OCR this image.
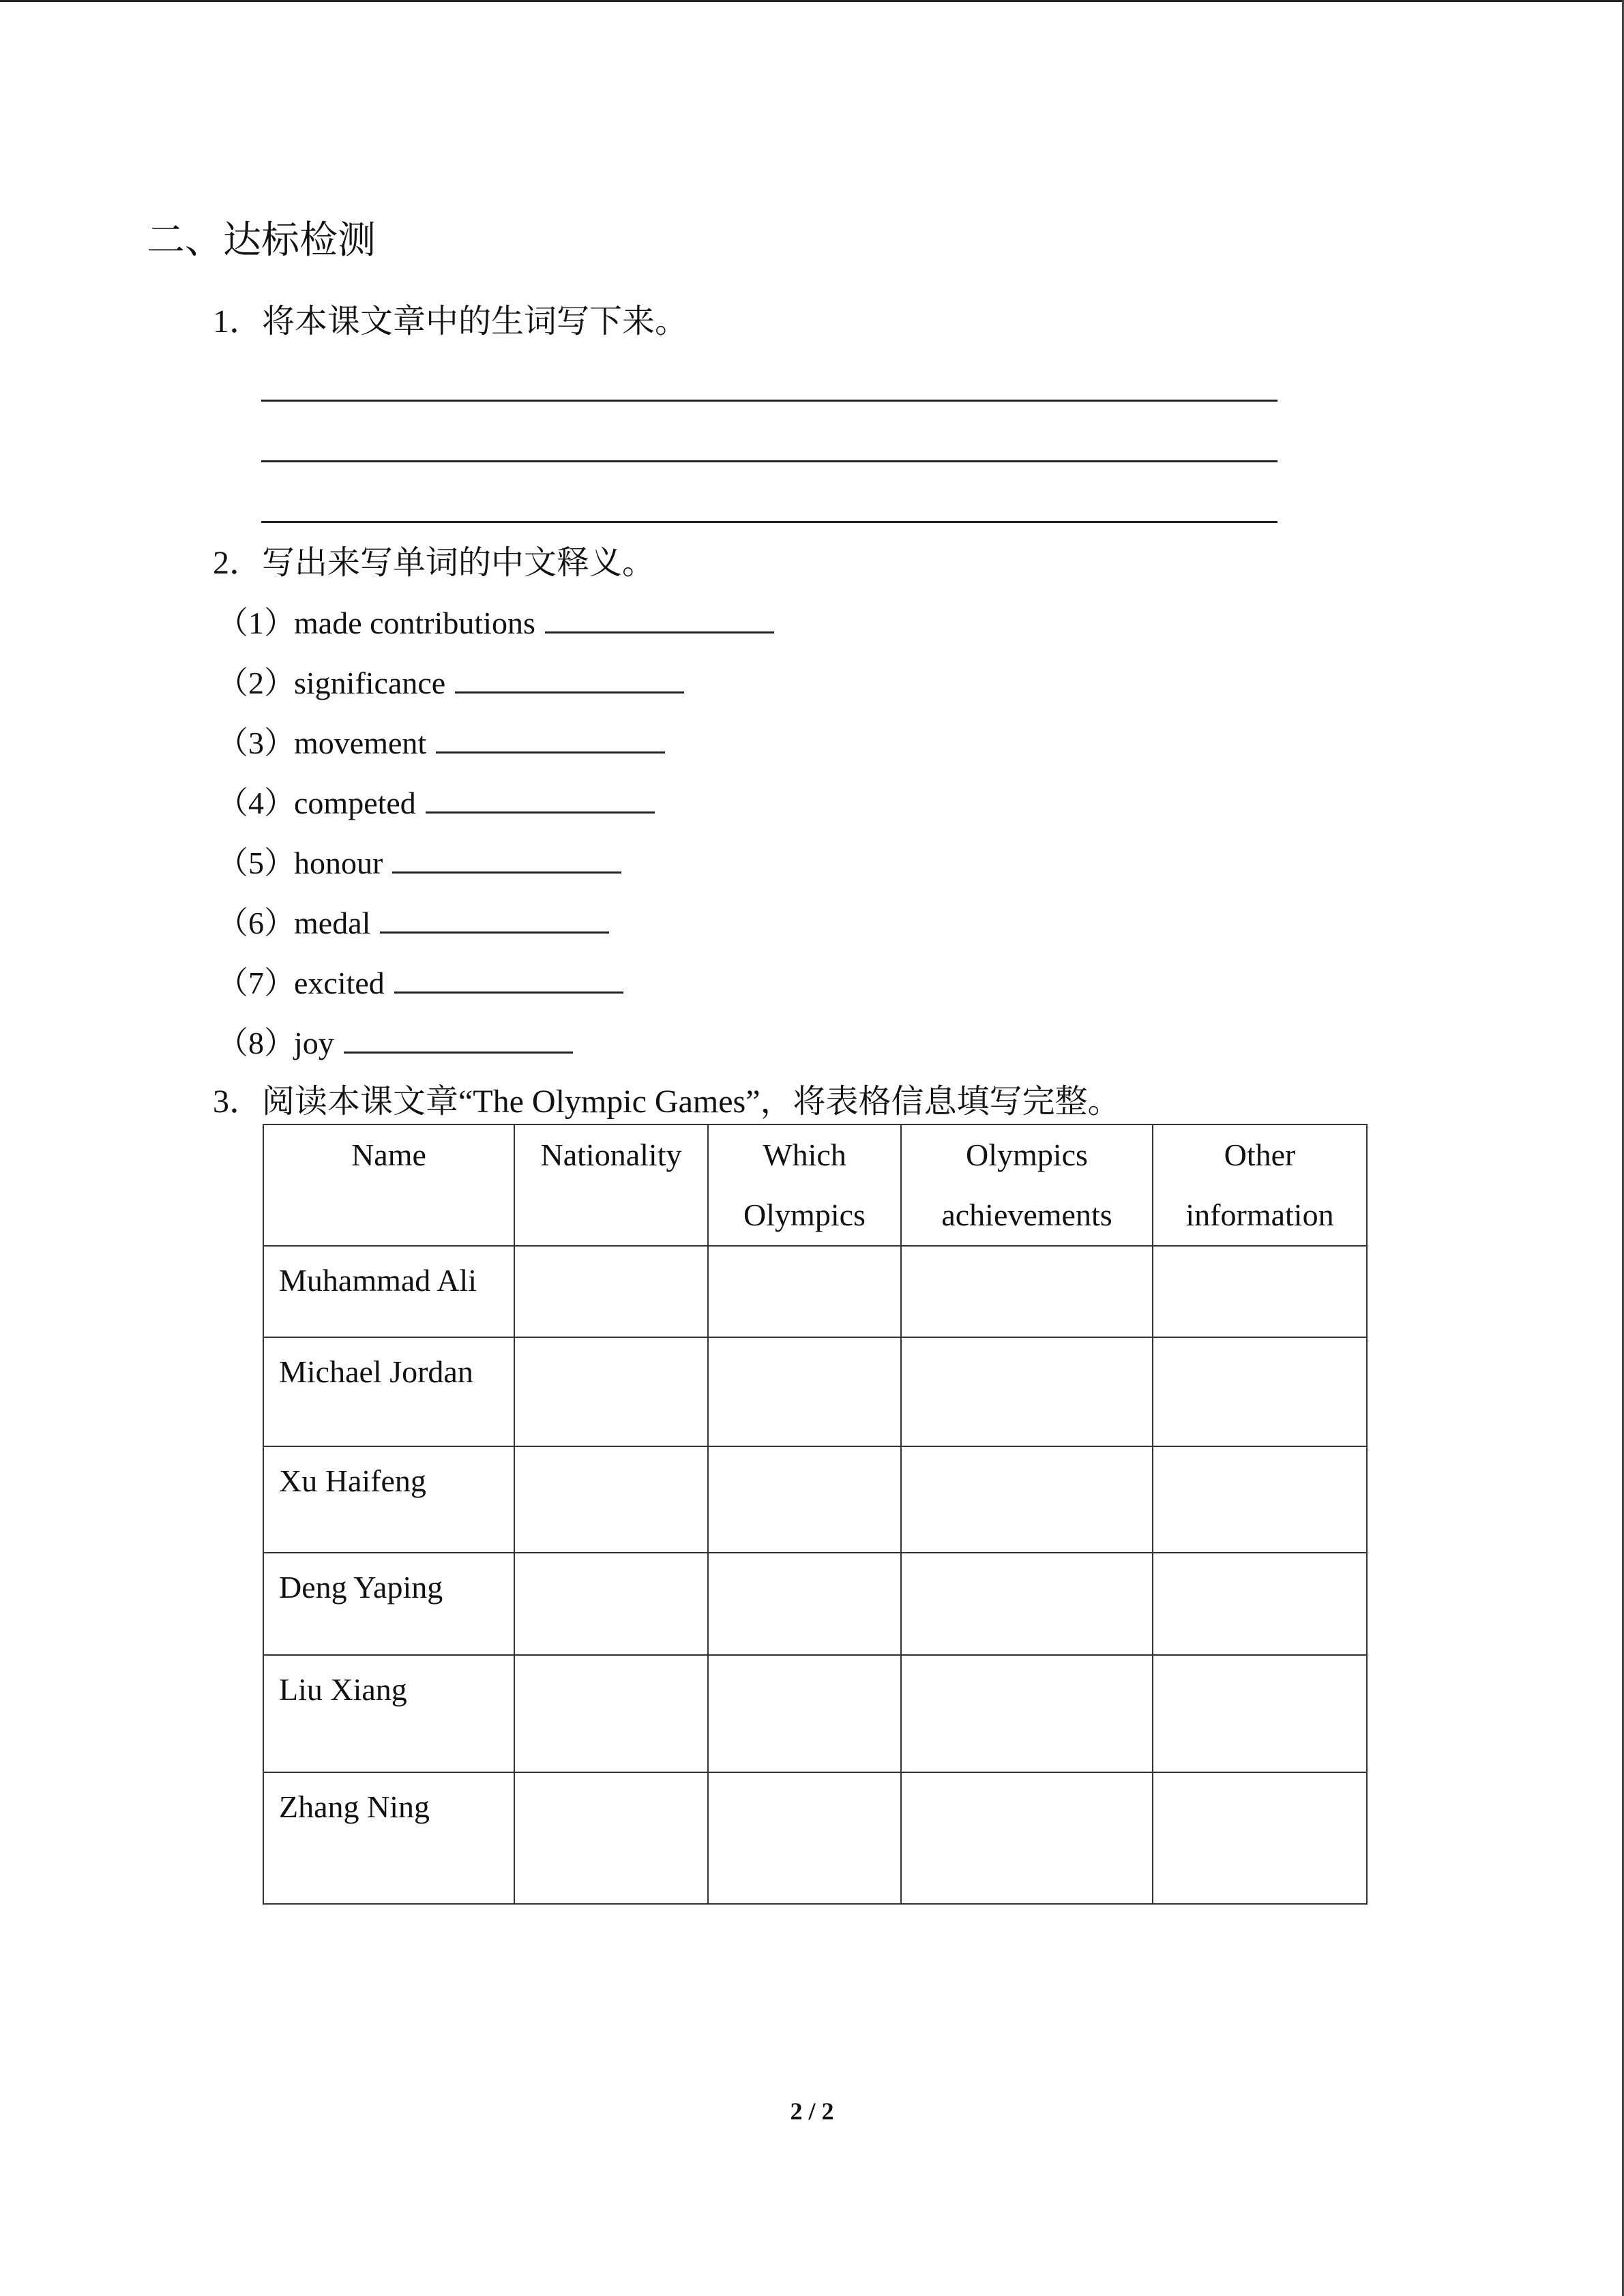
二、达标检测
1．将本课文章中的生词写下来。
2．写出来写单词的中文释义。
（1）made contributions
（2）significance
（3）movement
（4）competed
（5）honour
（6）medal
（7）excited
（8）joy
3．阅读本课文章“The Olympic Games”，将表格信息填写完整。
Name	Nationality	Which Olympics	Olympics achievements	Other information
Muhammad Ali				
Michael Jordan				
Xu Haifeng				
Deng Yaping				
Liu Xiang				
Zhang Ning				
2 / 2
